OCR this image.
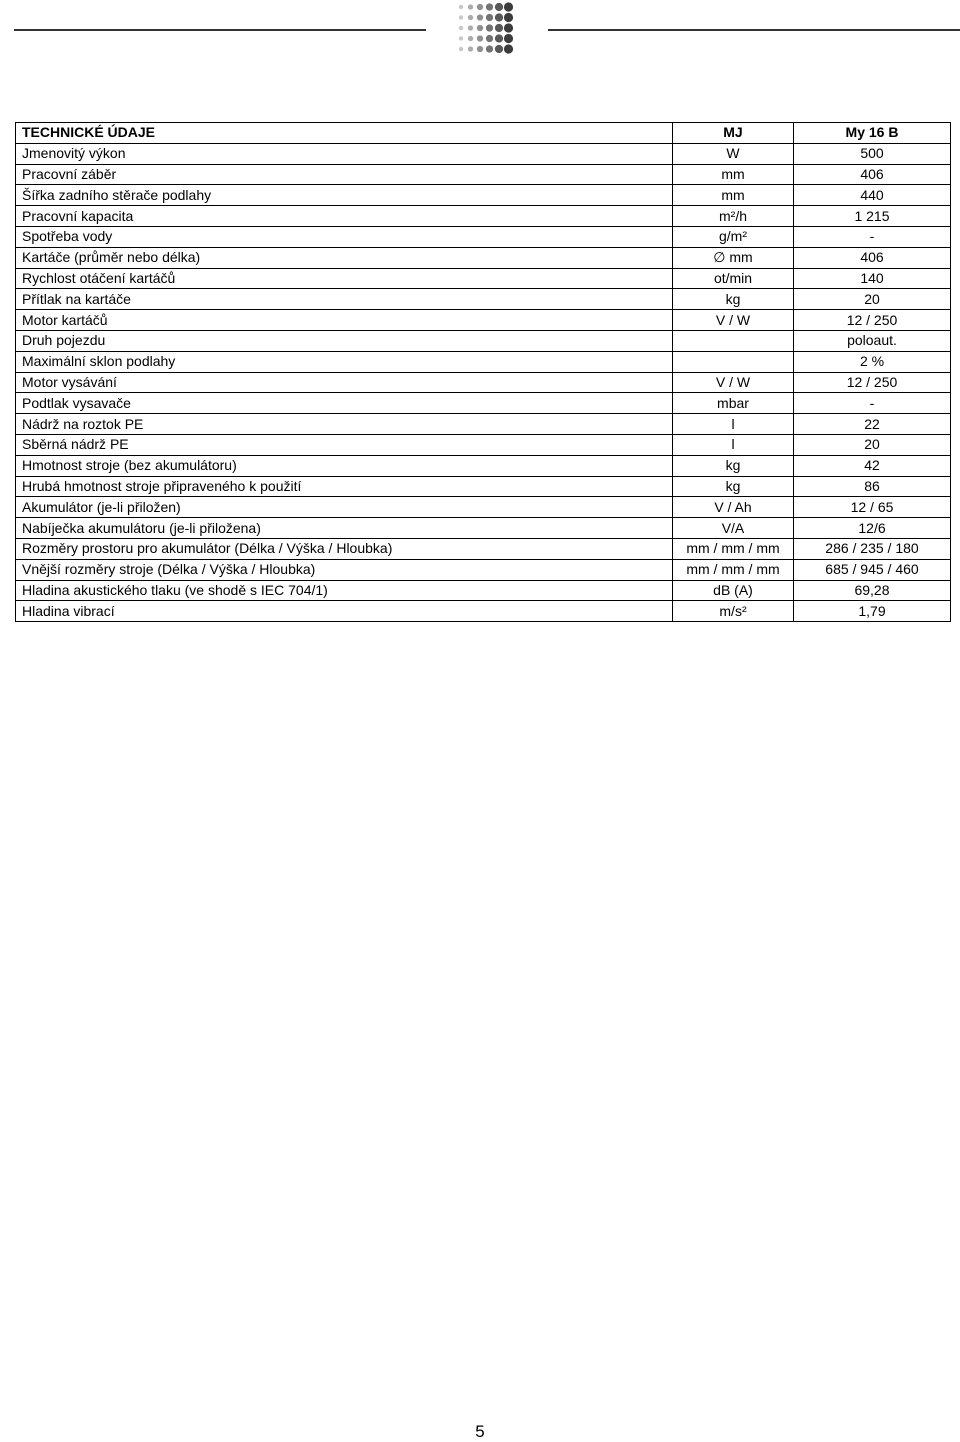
TECHNICKÉ ÚDAJE	MJ	My 16 B
Jmenovitý výkon	W	500
Pracovní záběr	mm	406
Šířka zadního stěrače podlahy	mm	440
Pracovní kapacita	m²/h	1 215
Spotřeba vody	g/m²	-
Kartáče (průměr nebo délka)	∅ mm	406
Rychlost otáčení kartáčů	ot/min	140
Přítlak na kartáče	kg	20
Motor kartáčů	V / W	12 / 250
Druh pojezdu		poloaut.
Maximální sklon podlahy		2 %
Motor vysávání	V / W	12 / 250
Podtlak vysavače	mbar	-
Nádrž na roztok PE	l	22
Sběrná nádrž PE	l	20
Hmotnost stroje (bez akumulátoru)	kg	42
Hrubá hmotnost stroje připraveného k použití	kg	86
Akumulátor (je-li přiložen)	V / Ah	12 / 65
Nabíječka akumulátoru (je-li přiložena)	V/A	12/6
Rozměry prostoru pro akumulátor (Délka / Výška / Hloubka)	mm / mm / mm	286 / 235 / 180
Vnější rozměry stroje (Délka / Výška / Hloubka)	mm / mm / mm	685 / 945 / 460
Hladina akustického tlaku (ve shodě s IEC 704/1)	dB (A)	69,28
Hladina vibrací	m/s²	1,79
5
